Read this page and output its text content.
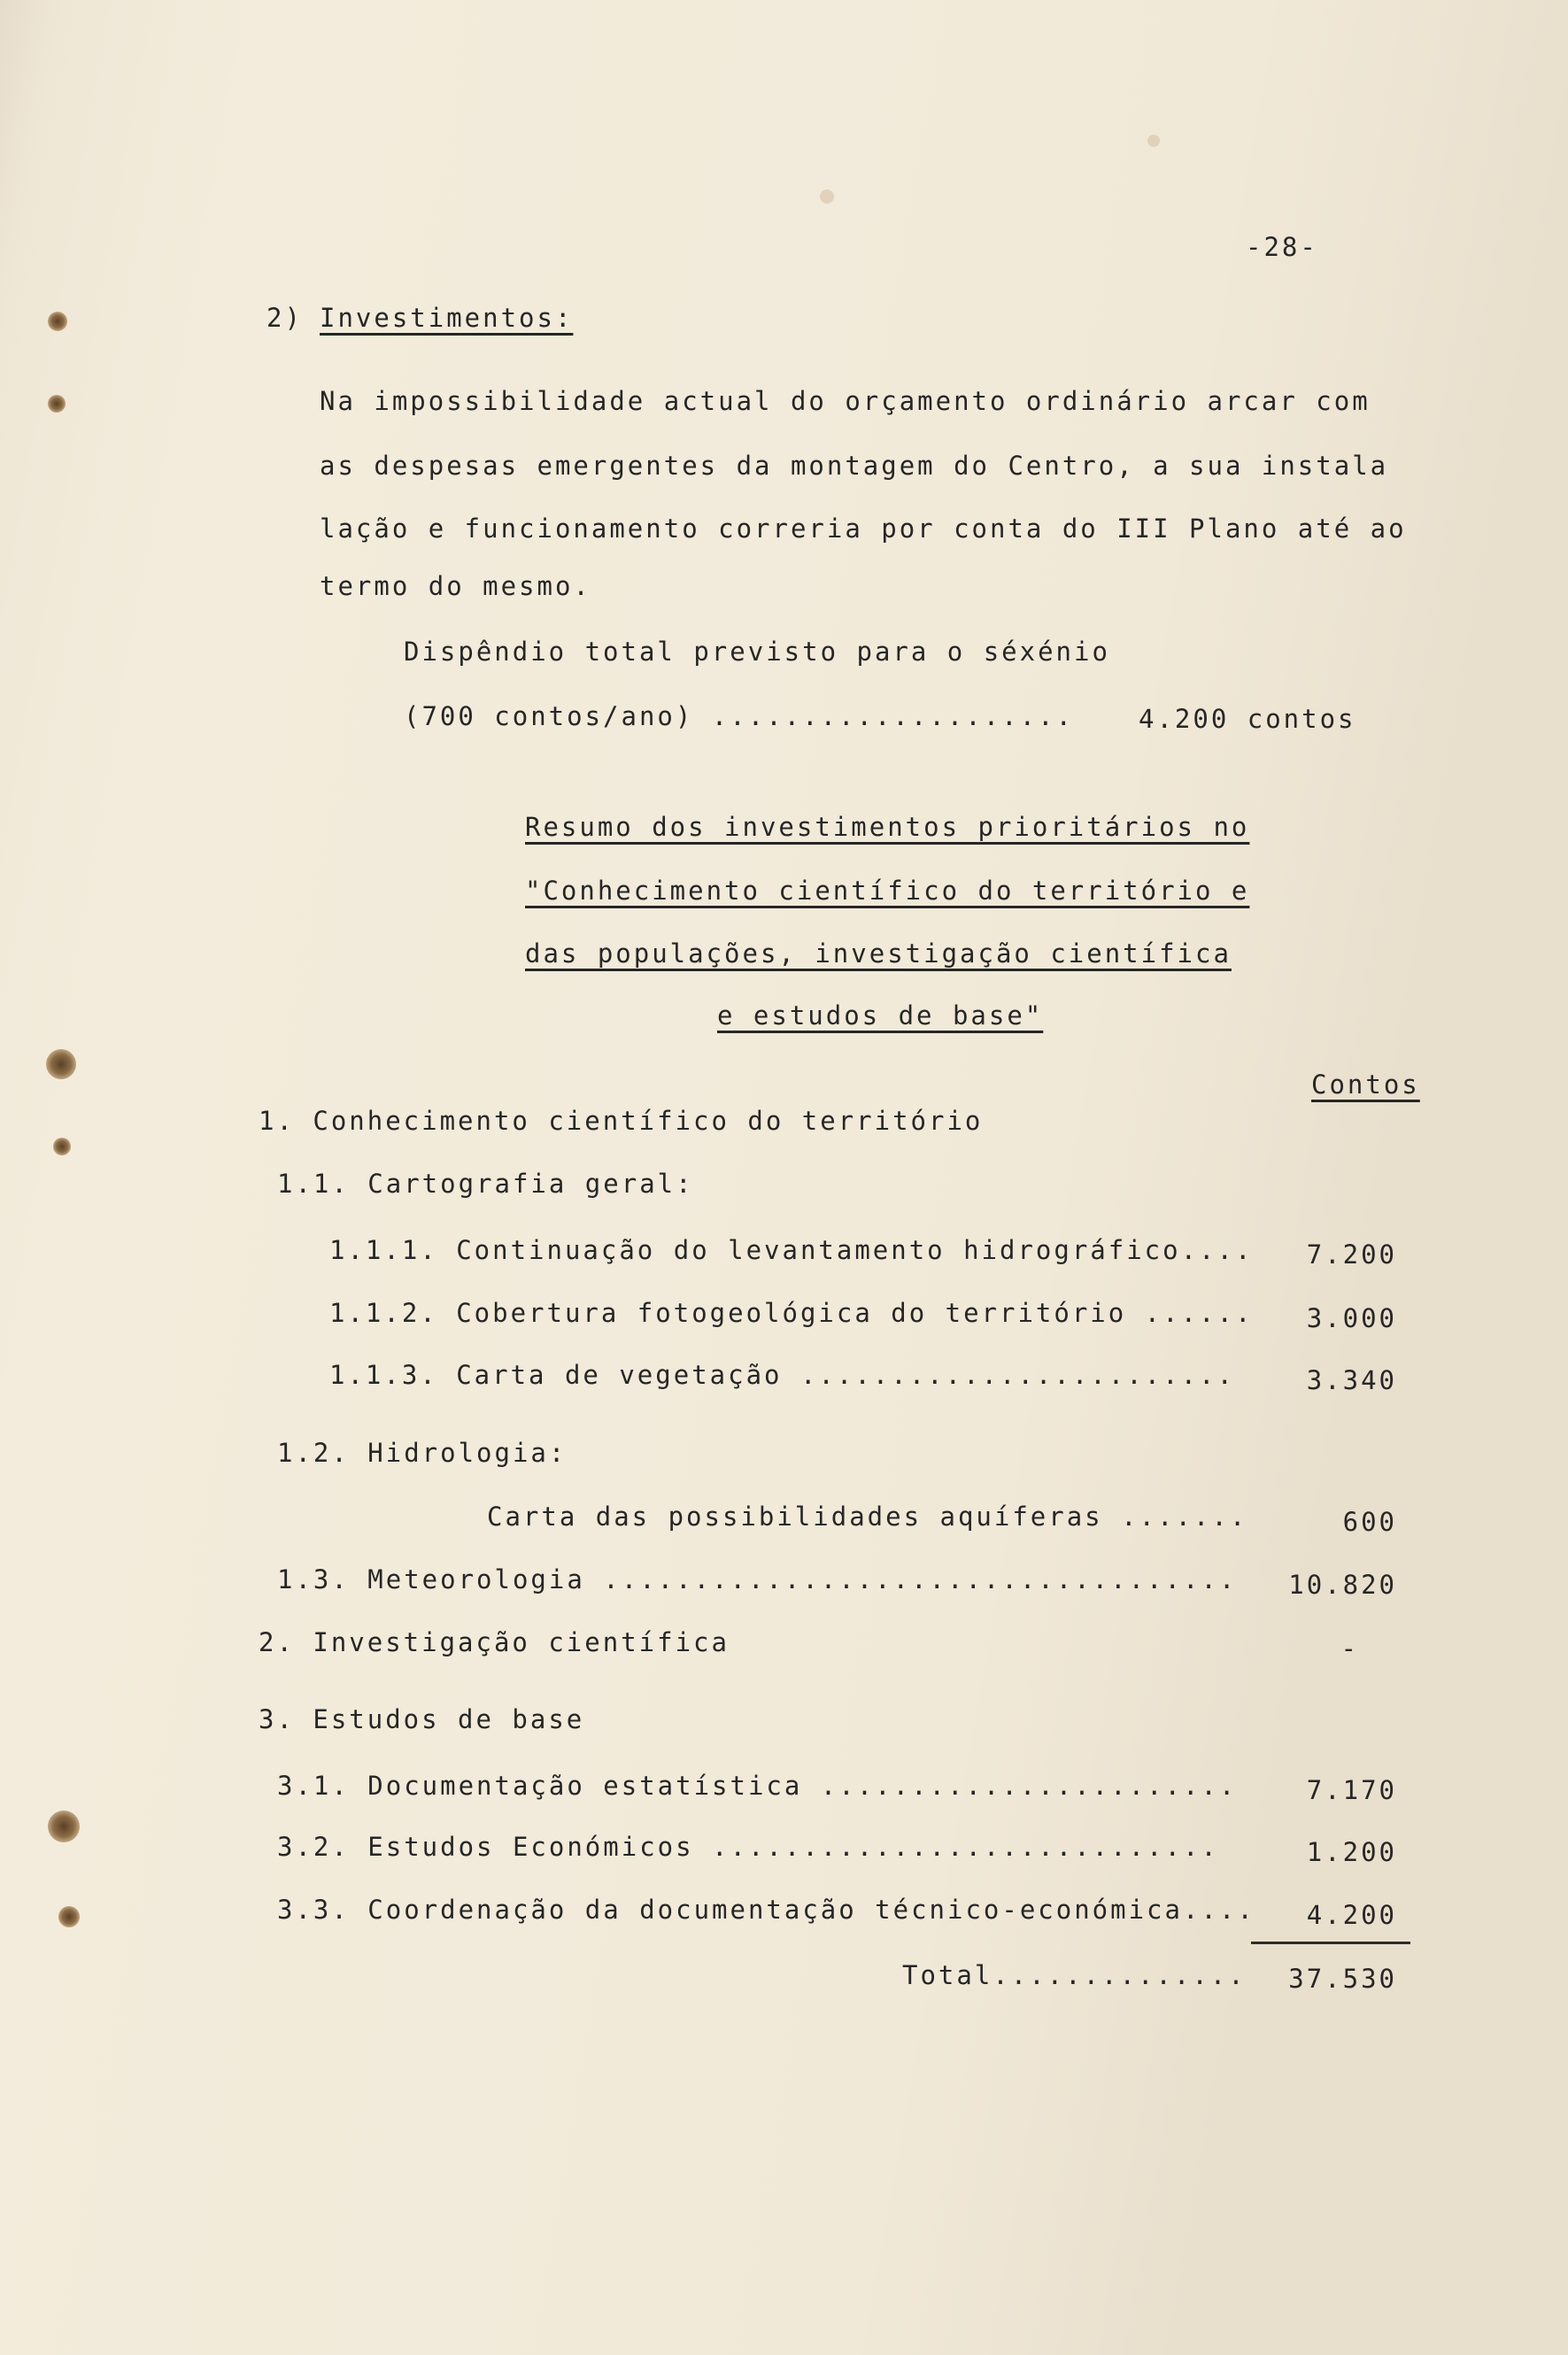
-28-
2) Investimentos:
Na impossibilidade actual do orçamento ordinário arcar com
as despesas emergentes da montagem do Centro, a sua instala
lação e funcionamento correria por conta do III Plano até ao
termo do mesmo.
Dispêndio total previsto para o séxénio
(700 contos/ano) ....................	4.200 contos
Resumo dos investimentos prioritários no
"Conhecimento científico do território e
das populações, investigação científica
e estudos de base"
Contos
1. Conhecimento científico do território
1.1. Cartografia geral:
1.1.1. Continuação do levantamento hidrográfico.... 7.200
1.1.2. Cobertura fotogeológica do território ...... 3.000
1.1.3. Carta de vegetação ........................	3.340
1.2. Hidrologia:
Carta das possibilidades aquíferas .......	600
1.3. Meteorologia ................................... 10.820
2. Investigação científica	-
3. Estudos de base
3.1. Documentação estatística .......................	7.170
3.2. Estudos Económicos ............................	1.200
3.3. Coordenação da documentação técnico-económica.... 4.200
Total.............. 37.530
